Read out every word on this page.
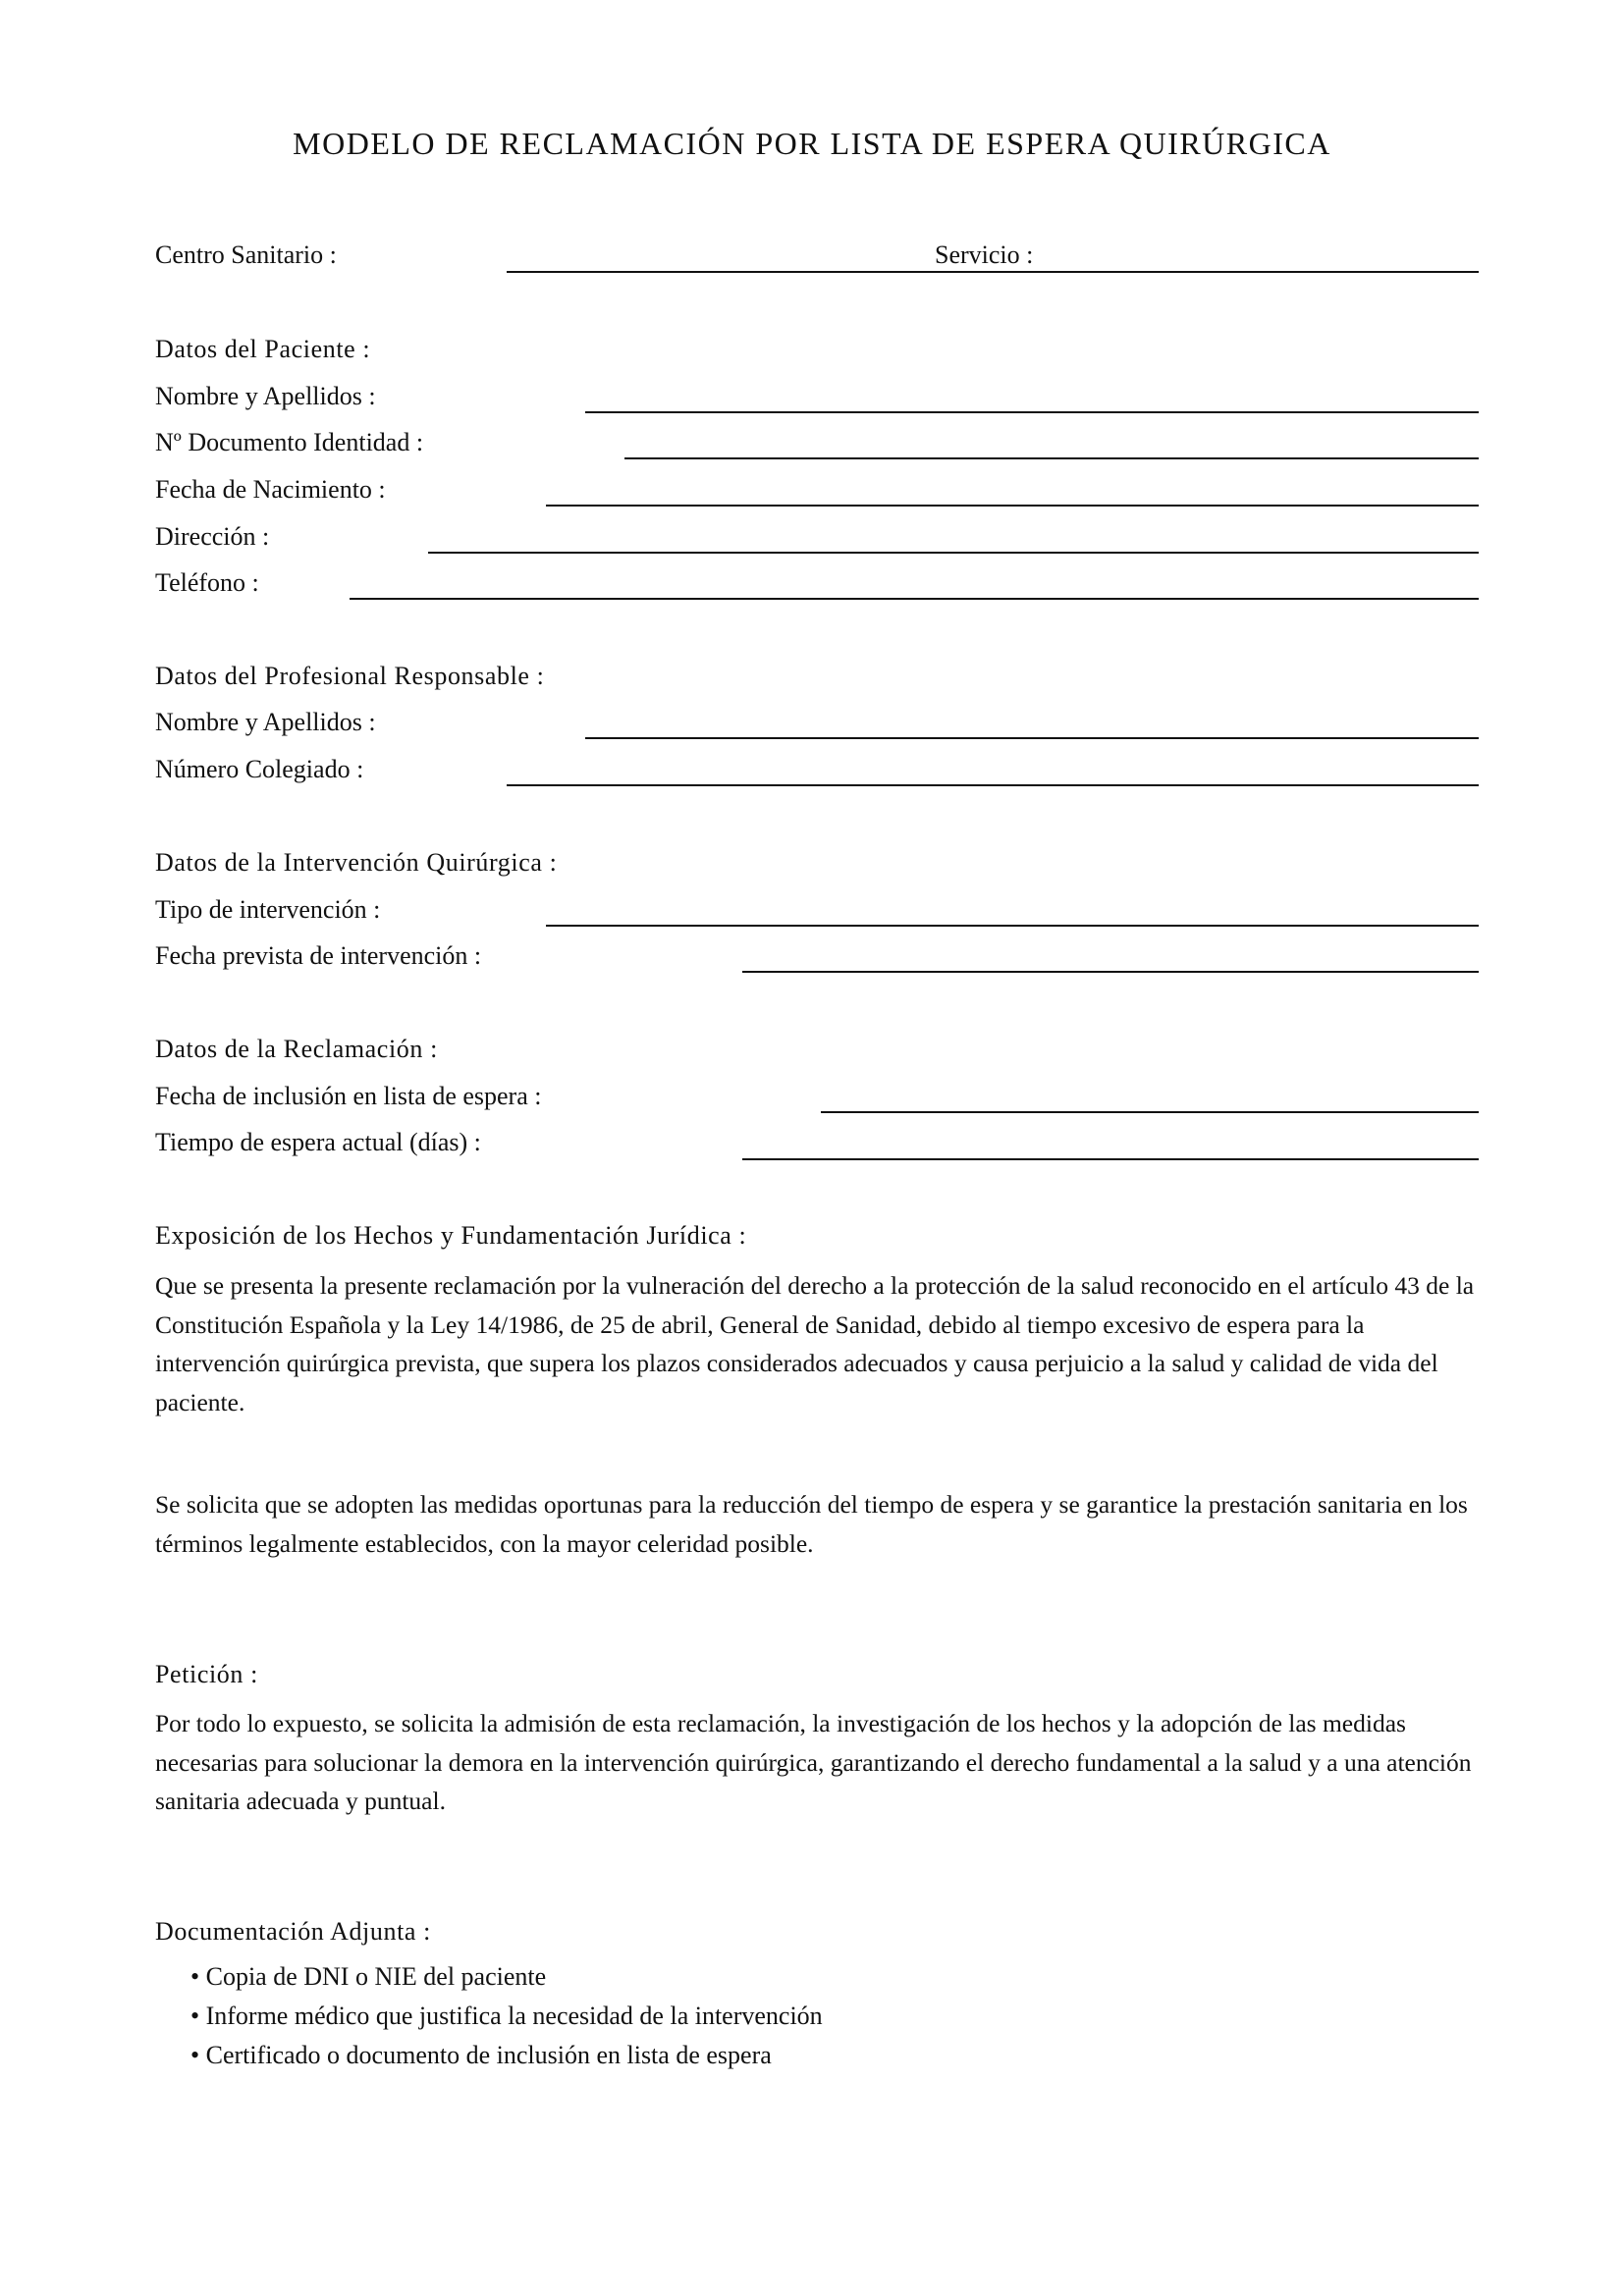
MODELO DE RECLAMACIÓN POR LISTA DE ESPERA QUIRÚRGICA
Centro Sanitario :	Servicio :
Datos del Paciente :
Nombre y Apellidos :
Nº Documento Identidad :
Fecha de Nacimiento :
Dirección :
Teléfono :
Datos del Profesional Responsable :
Nombre y Apellidos :
Número Colegiado :
Datos de la Intervención Quirúrgica :
Tipo de intervención :
Fecha prevista de intervención :
Datos de la Reclamación :
Fecha de inclusión en lista de espera :
Tiempo de espera actual (días) :
Exposición de los Hechos y Fundamentación Jurídica :
Que se presenta la presente reclamación por la vulneración del derecho a la protección de la salud reconocido en el artículo 43 de la Constitución Española y la Ley 14/1986, de 25 de abril, General de Sanidad, debido al tiempo excesivo de espera para la intervención quirúrgica prevista, que supera los plazos considerados adecuados y causa perjuicio a la salud y calidad de vida del paciente.
Se solicita que se adopten las medidas oportunas para la reducción del tiempo de espera y se garantice la prestación sanitaria en los términos legalmente establecidos, con la mayor celeridad posible.
Petición :
Por todo lo expuesto, se solicita la admisión de esta reclamación, la investigación de los hechos y la adopción de las medidas necesarias para solucionar la demora en la intervención quirúrgica, garantizando el derecho fundamental a la salud y a una atención sanitaria adecuada y puntual.
Documentación Adjunta :
• Copia de DNI o NIE del paciente
• Informe médico que justifica la necesidad de la intervención
• Certificado o documento de inclusión en lista de espera
